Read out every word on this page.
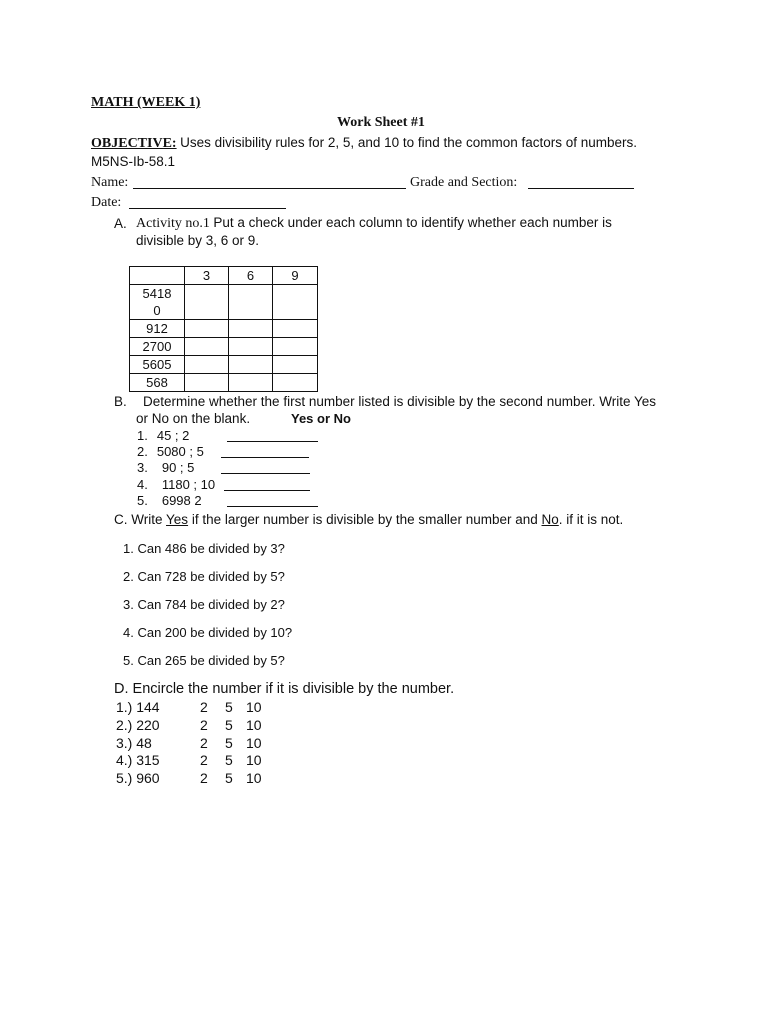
MATH (WEEK 1)
Work Sheet #1
OBJECTIVE: Uses divisibility rules for 2, 5, and 10 to find the common factors of numbers.
M5NS-Ib-58.1
Name:	Grade and Section:
Date:
A. Activity no.1 Put a check under each column to identify whether each number is
divisible by 3, 6 or 9.
	3	6	9

5418
0			

912			
2700			
5605			
568			
B. Determine whether the first number listed is divisible by the second number. Write Yes
or No on the blank.	Yes or No
1. 45 ; 2
2. 5080 ; 5
3. 90 ; 5
4. 1180 ; 10
5. 6998 2
C. Write Yes if the larger number is divisible by the smaller number and No. if it is not.
1. Can 486 be divided by 3?
2. Can 728 be divided by 5?
3. Can 784 be divided by 2?
4. Can 200 be divided by 10?
5. Can 265 be divided by 5?
D. Encircle the number if it is divisible by the number.
1.) 144	2 5 10
2.) 220	2 5 10
3.) 48	2 5 10
4.) 315	2 5 10
5.) 960	2 5 10
